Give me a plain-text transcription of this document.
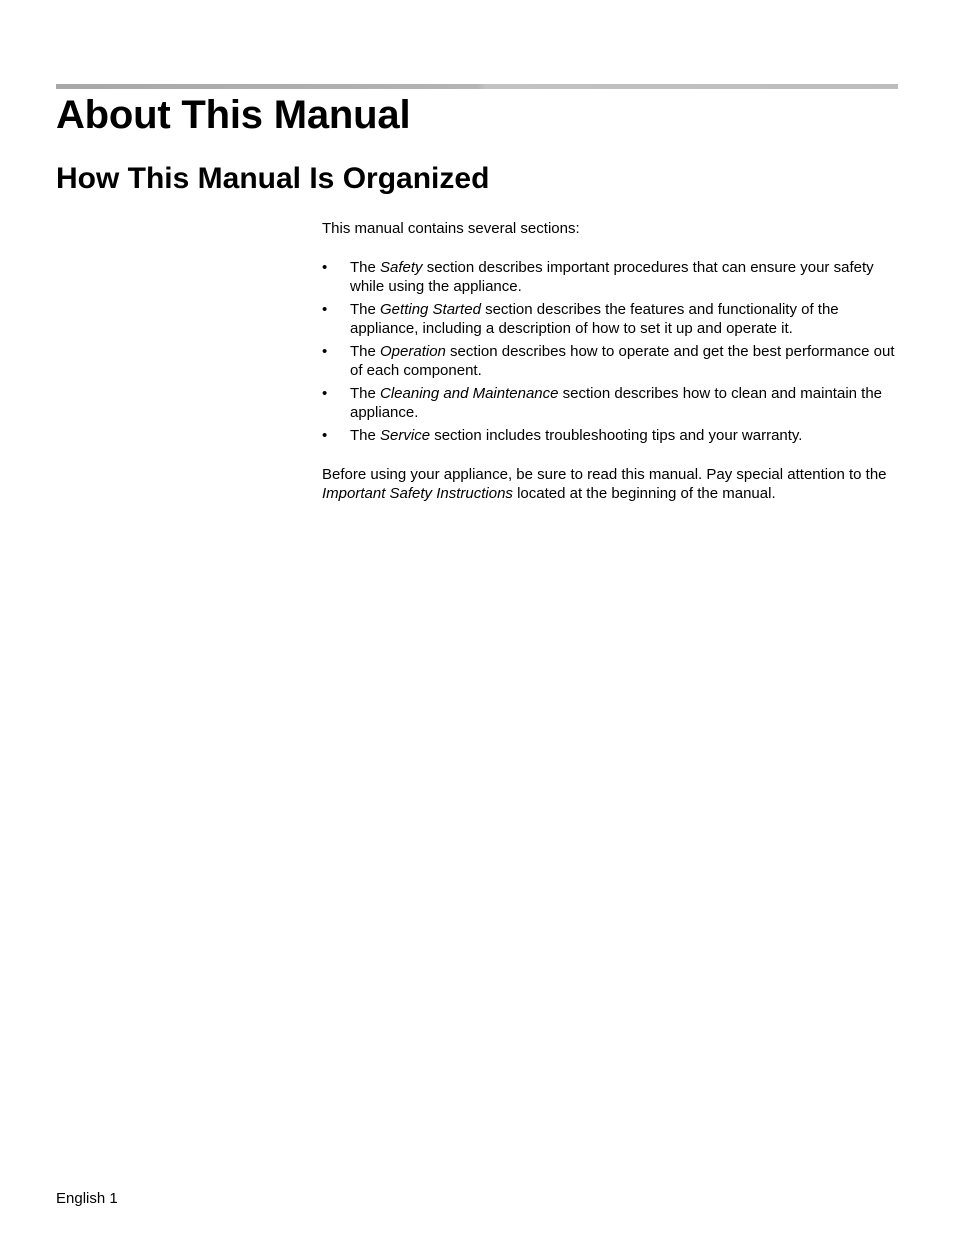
About This Manual
How This Manual Is Organized

This manual contains several sections:

• The Safety section describes important procedures that can ensure your safety while using the appliance.
• The Getting Started section describes the features and functionality of the appliance, including a description of how to set it up and operate it.
• The Operation section describes how to operate and get the best performance out of each component.
• The Cleaning and Maintenance section describes how to clean and maintain the appliance.
• The Service section includes troubleshooting tips and your warranty.

Before using your appliance, be sure to read this manual. Pay special attention to the Important Safety Instructions located at the beginning of the manual.

English 1
